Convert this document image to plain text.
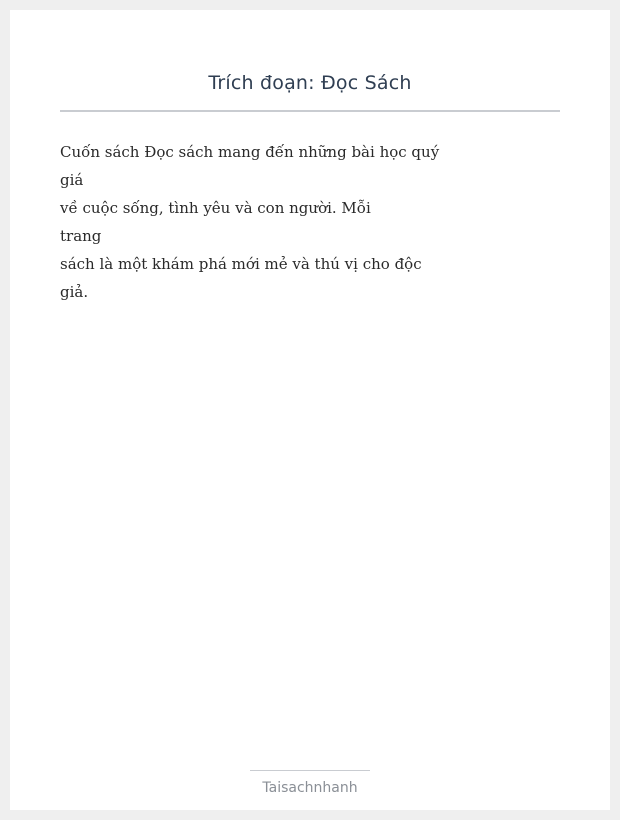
Trích đoạn: Đọc Sách
Cuốn sách Đọc sách mang đến những bài học quý
giá
về cuộc sống, tình yêu và con người. Mỗi
trang
sách là một khám phá mới mẻ và thú vị cho độc
giả.
Taisachnhanh
